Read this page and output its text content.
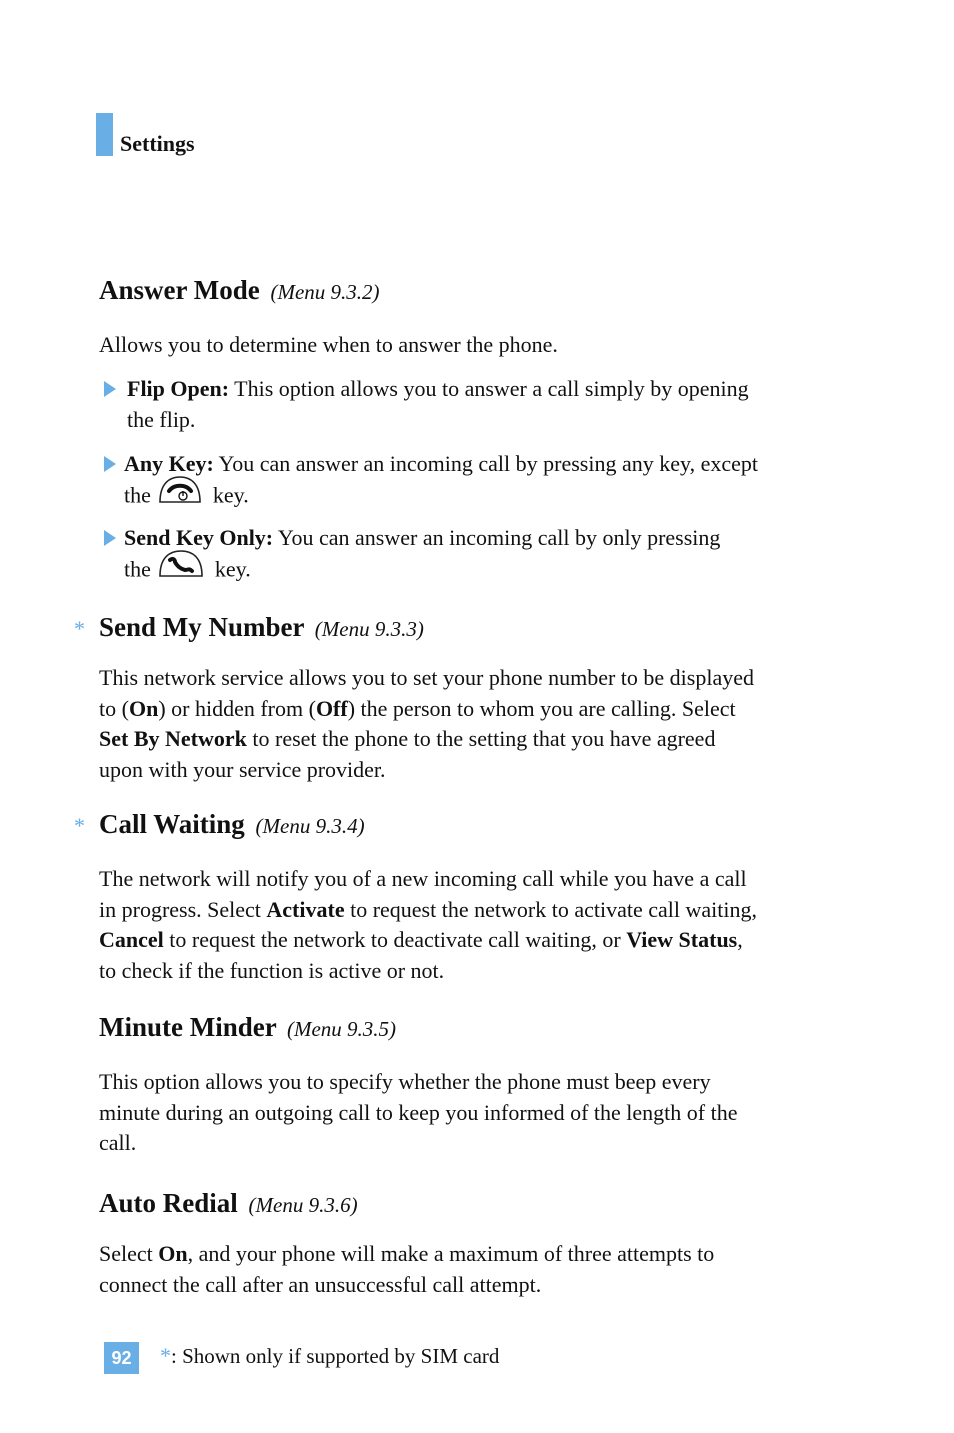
Settings
Answer Mode (Menu 9.3.2)
Allows you to determine when to answer the phone.
Flip Open: This option allows you to answer a call simply by opening
the flip.
Any Key: You can answer an incoming call by pressing any key, except
the	key.
Send Key Only: You can answer an incoming call by only pressing
the	key.
* Send My Number (Menu 9.3.3)
This network service allows you to set your phone number to be displayed
to (On) or hidden from (Off) the person to whom you are calling. Select
Set By Network to reset the phone to the setting that you have agreed
upon with your service provider.
* Call Waiting (Menu 9.3.4)
The network will notify you of a new incoming call while you have a call
in progress. Select Activate to request the network to activate call waiting,
Cancel to request the network to deactivate call waiting, or View Status,
to check if the function is active or not.
Minute Minder (Menu 9.3.5)
This option allows you to specify whether the phone must beep every
minute during an outgoing call to keep you informed of the length of the
call.
Auto Redial (Menu 9.3.6)
Select On, and your phone will make a maximum of three attempts to
connect the call after an unsuccessful call attempt.
92	*: Shown only if supported by SIM card
